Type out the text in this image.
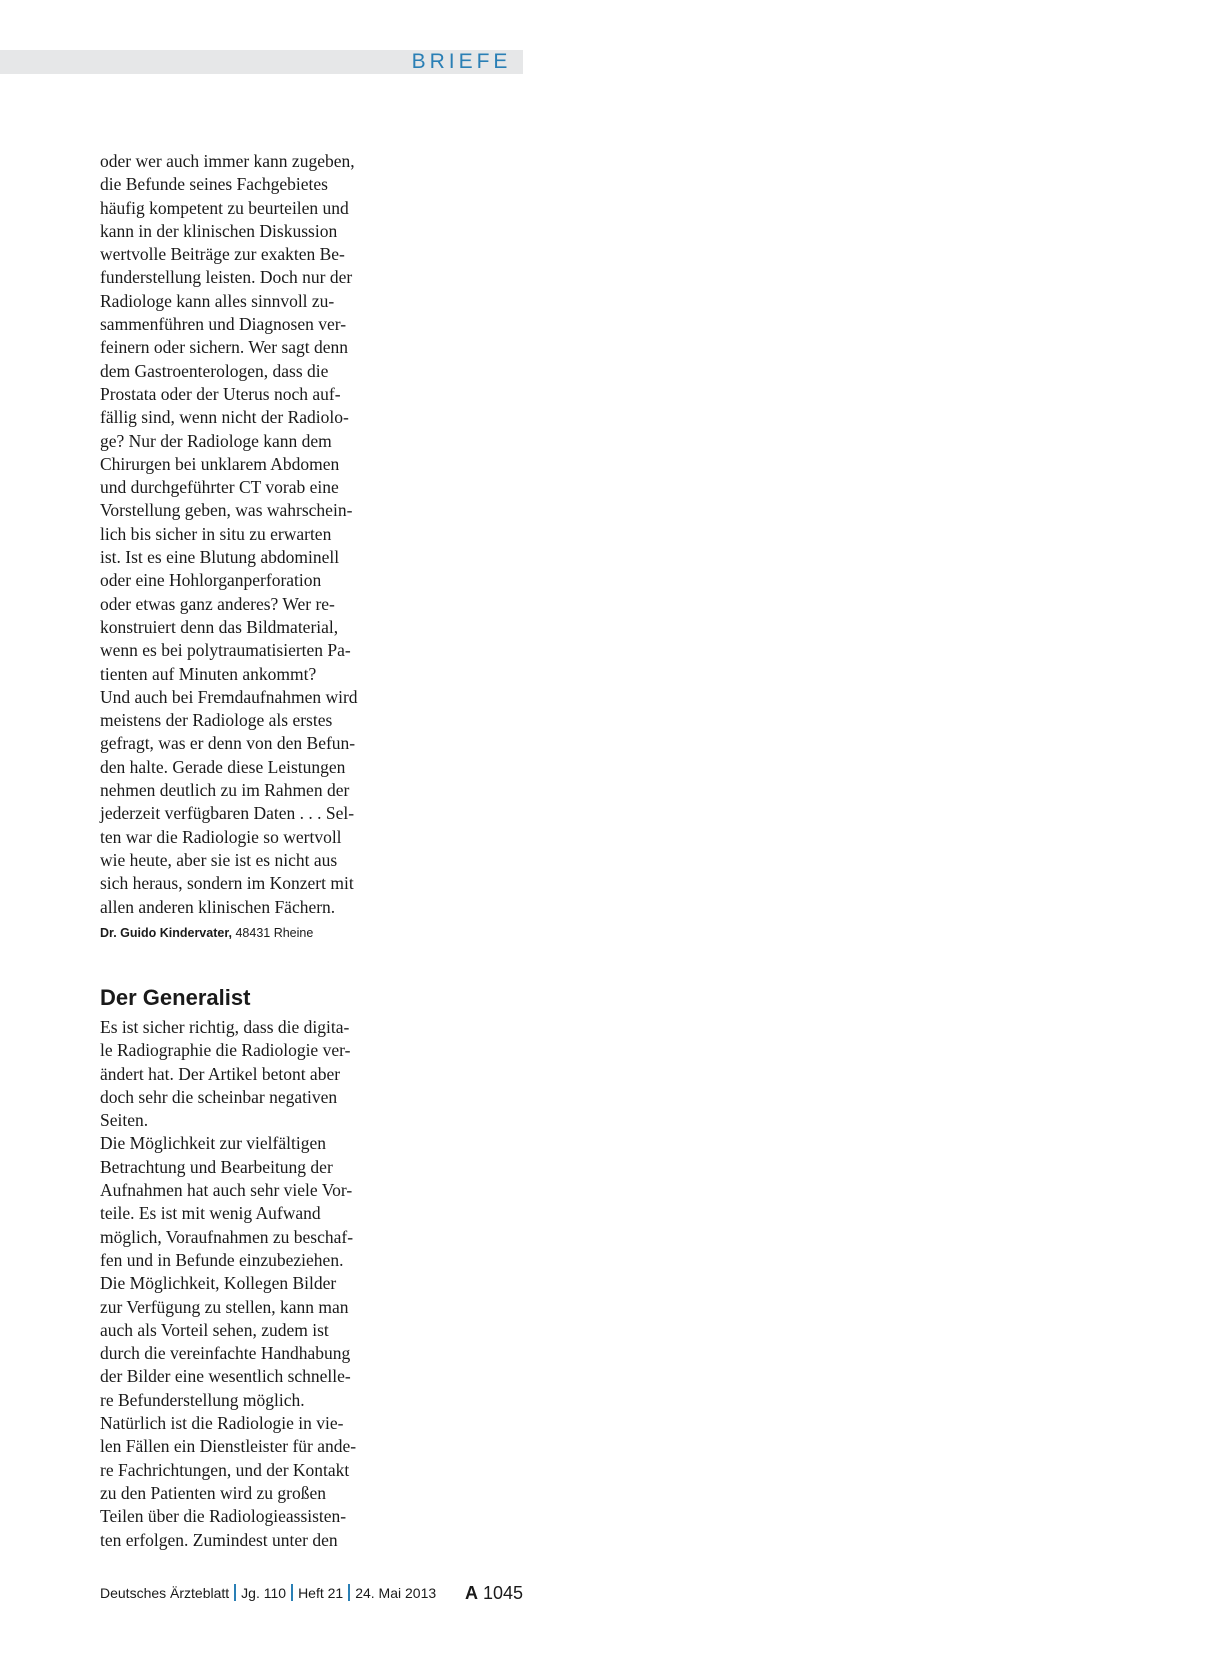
BRIEFE

oder wer auch immer kann zugeben,
die Befunde seines Fachgebietes
häufig kompetent zu beurteilen und
kann in der klinischen Diskussion
wertvolle Beiträge zur exakten Be-
funderstellung leisten. Doch nur der
Radiologe kann alles sinnvoll zu-
sammenführen und Diagnosen ver-
feinern oder sichern. Wer sagt denn
dem Gastroenterologen, dass die
Prostata oder der Uterus noch auf-
fällig sind, wenn nicht der Radiolo-
ge? Nur der Radiologe kann dem
Chirurgen bei unklarem Abdomen
und durchgeführter CT vorab eine
Vorstellung geben, was wahrschein-
lich bis sicher in situ zu erwarten
ist. Ist es eine Blutung abdominell
oder eine Hohlorganperforation
oder etwas ganz anderes? Wer re-
konstruiert denn das Bildmaterial,
wenn es bei polytraumatisierten Pa-
tienten auf Minuten ankommt?
Und auch bei Fremdaufnahmen wird
meistens der Radiologe als erstes
gefragt, was er denn von den Befun-
den halte. Gerade diese Leistungen
nehmen deutlich zu im Rahmen der
jederzeit verfügbaren Daten . . . Sel-
ten war die Radiologie so wertvoll
wie heute, aber sie ist es nicht aus
sich heraus, sondern im Konzert mit
allen anderen klinischen Fächern.

Dr. Guido Kindervater, 48431 Rheine
Der Generalist

Es ist sicher richtig, dass die digita-
le Radiographie die Radiologie ver-
ändert hat. Der Artikel betont aber
doch sehr die scheinbar negativen
Seiten.
Die Möglichkeit zur vielfältigen
Betrachtung und Bearbeitung der
Aufnahmen hat auch sehr viele Vor-
teile. Es ist mit wenig Aufwand
möglich, Voraufnahmen zu beschaf-
fen und in Befunde einzubeziehen.
Die Möglichkeit, Kollegen Bilder
zur Verfügung zu stellen, kann man
auch als Vorteil sehen, zudem ist
durch die vereinfachte Handhabung
der Bilder eine wesentlich schnelle-
re Befunderstellung möglich.
Natürlich ist die Radiologie in vie-
len Fällen ein Dienstleister für ande-
re Fachrichtungen, und der Kontakt
zu den Patienten wird zu großen
Teilen über die Radiologieassisten-
ten erfolgen. Zumindest unter den

Deutsches Ärzteblatt Jg. 110 Heft 21 24. Mai 2013 A 1045
